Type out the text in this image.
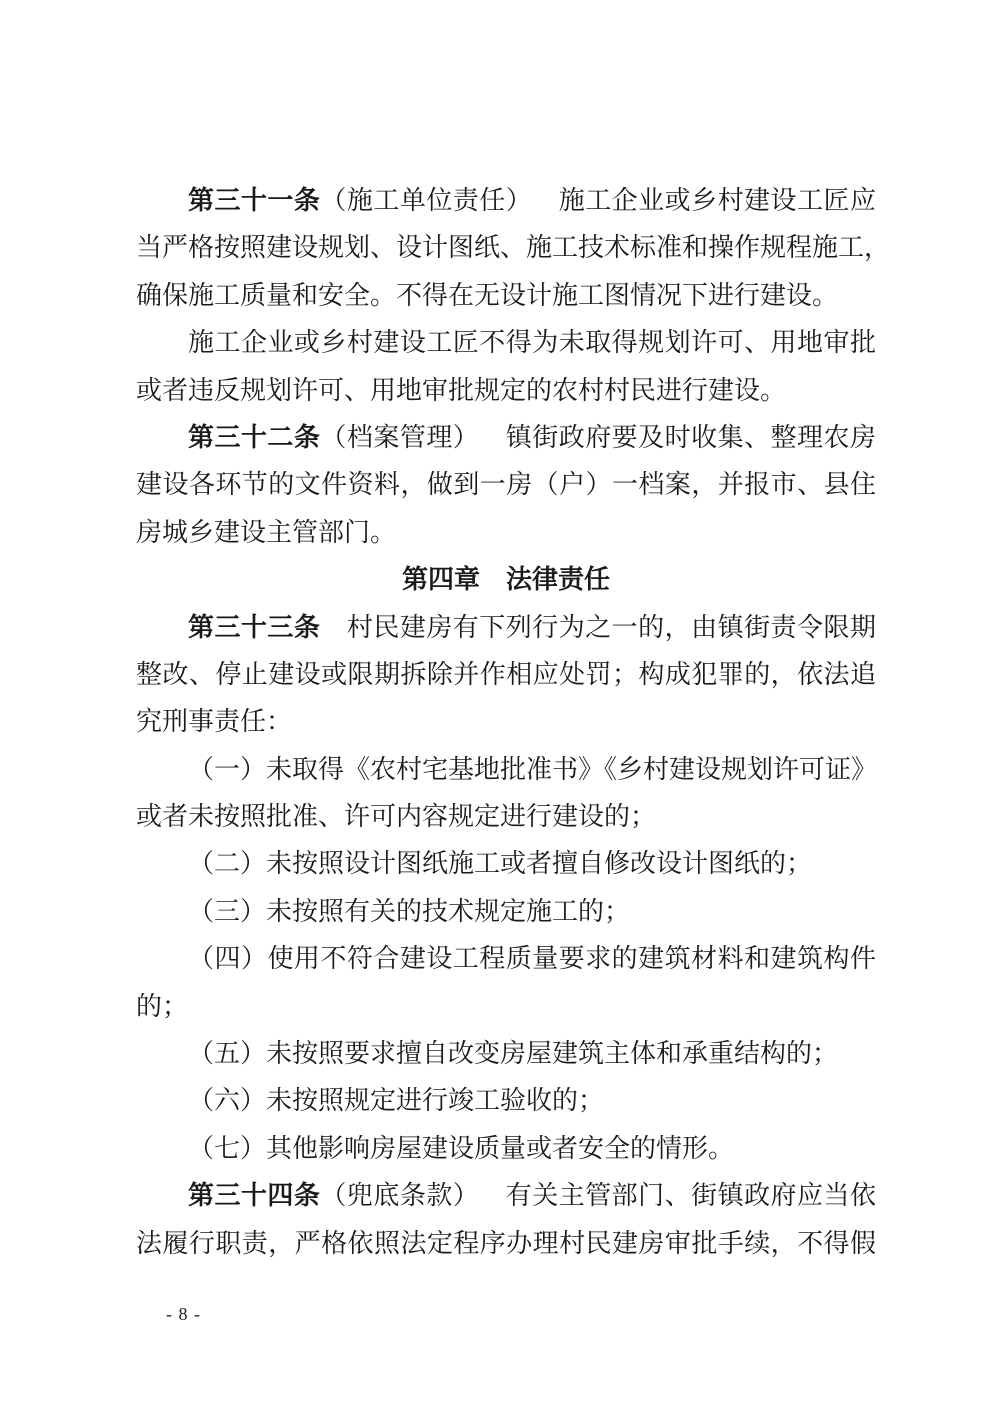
第三十一条（施工单位责任） 施工企业或乡村建设工匠应
当严格按照建设规划、设计图纸、施工技术标准和操作规程施工，
确保施工质量和安全。不得在无设计施工图情况下进行建设。
施工企业或乡村建设工匠不得为未取得规划许可、用地审批
或者违反规划许可、用地审批规定的农村村民进行建设。
第三十二条（档案管理） 镇街政府要及时收集、整理农房
建设各环节的文件资料，做到一房（户）一档案，并报市、县住
房城乡建设主管部门。
第四章 法律责任
第三十三条 村民建房有下列行为之一的，由镇街责令限期
整改、停止建设或限期拆除并作相应处罚；构成犯罪的，依法追
究刑事责任：
（一）未取得《农村宅基地批准书》《乡村建设规划许可证》
或者未按照批准、许可内容规定进行建设的；
（二）未按照设计图纸施工或者擅自修改设计图纸的；
（三）未按照有关的技术规定施工的；
（四）使用不符合建设工程质量要求的建筑材料和建筑构件
的；
（五）未按照要求擅自改变房屋建筑主体和承重结构的；
（六）未按照规定进行竣工验收的；
（七）其他影响房屋建设质量或者安全的情形。
第三十四条（兜底条款） 有关主管部门、街镇政府应当依
法履行职责，严格依照法定程序办理村民建房审批手续，不得假
- 8 -
